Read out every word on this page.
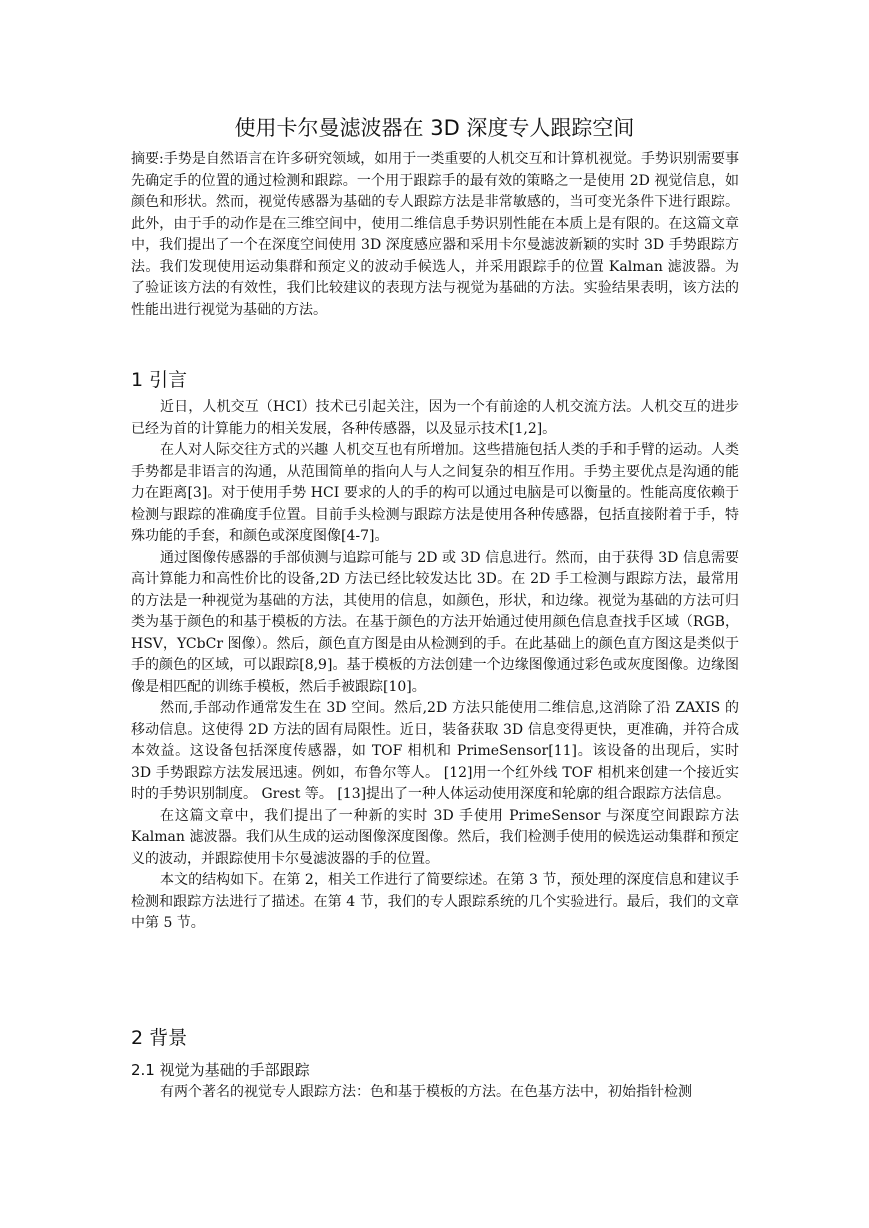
使用卡尔曼滤波器在 3D 深度专人跟踪空间

摘要:手势是自然语言在许多研究领域，如用于一类重要的人机交互和计算机视觉。手势识别需要事先确定手的位置的通过检测和跟踪。一个用于跟踪手的最有效的策略之一是使用 2D 视觉信息，如颜色和形状。然而，视觉传感器为基础的专人跟踪方法是非常敏感的，当可变光条件下进行跟踪。此外，由于手的动作是在三维空间中，使用二维信息手势识别性能在本质上是有限的。在这篇文章中，我们提出了一个在深度空间使用 3D 深度感应器和采用卡尔曼滤波新颖的实时 3D 手势跟踪方法。我们发现使用运动集群和预定义的波动手候选人，并采用跟踪手的位置 Kalman 滤波器。为了验证该方法的有效性，我们比较建议的表现方法与视觉为基础的方法。实验结果表明，该方法的性能出进行视觉为基础的方法。

1 引言

近日，人机交互（HCI）技术已引起关注，因为一个有前途的人机交流方法。人机交互的进步已经为首的计算能力的相关发展，各种传感器，以及显示技术[1,2]。

在人对人际交往方式的兴趣 人机交互也有所增加。这些措施包括人类的手和手臂的运动。人类手势都是非语言的沟通，从范围简单的指向人与人之间复杂的相互作用。手势主要优点是沟通的能力在距离[3]。对于使用手势 HCI 要求的人的手的构可以通过电脑是可以衡量的。性能高度依赖于检测与跟踪的准确度手位置。目前手头检测与跟踪方法是使用各种传感器，包括直接附着于手，特殊功能的手套，和颜色或深度图像[4-7]。

通过图像传感器的手部侦测与追踪可能与 2D 或 3D 信息进行。然而，由于获得 3D 信息需要高计算能力和高性价比的设备,2D 方法已经比较发达比 3D。在 2D 手工检测与跟踪方法，最常用的方法是一种视觉为基础的方法，其使用的信息，如颜色，形状，和边缘。视觉为基础的方法可归类为基于颜色的和基于模板的方法。在基于颜色的方法开始通过使用颜色信息查找手区域（RGB，HSV，YCbCr 图像）。然后，颜色直方图是由从检测到的手。在此基础上的颜色直方图这是类似于手的颜色的区域，可以跟踪[8,9]。基于模板的方法创建一个边缘图像通过彩色或灰度图像。边缘图像是相匹配的训练手模板，然后手被跟踪[10]。

然而,手部动作通常发生在 3D 空间。然后,2D 方法只能使用二维信息,这消除了沿 ZAXIS 的移动信息。这使得 2D 方法的固有局限性。近日，装备获取 3D 信息变得更快，更准确，并符合成本效益。这设备包括深度传感器，如 TOF 相机和 PrimeSensor[11]。该设备的出现后，实时 3D 手势跟踪方法发展迅速。例如，布鲁尔等人。 [12]用一个红外线 TOF 相机来创建一个接近实时的手势识别制度。 Grest 等。 [13]提出了一种人体运动使用深度和轮廓的组合跟踪方法信息。

在这篇文章中，我们提出了一种新的实时 3D 手使用 PrimeSensor 与深度空间跟踪方法 Kalman 滤波器。我们从生成的运动图像深度图像。然后，我们检测手使用的候选运动集群和预定义的波动，并跟踪使用卡尔曼滤波器的手的位置。

本文的结构如下。在第 2，相关工作进行了简要综述。在第 3 节，预处理的深度信息和建议手检测和跟踪方法进行了描述。在第 4 节，我们的专人跟踪系统的几个实验进行。最后，我们的文章中第 5 节。

2 背景
2.1 视觉为基础的手部跟踪

有两个著名的视觉专人跟踪方法：色和基于模板的方法。在色基方法中，初始指针检测
